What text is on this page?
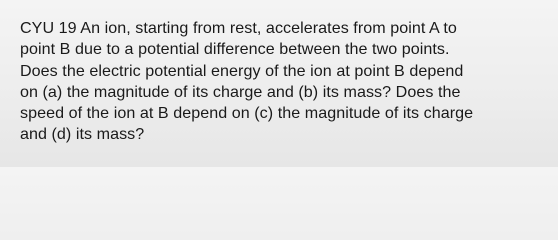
CYU 19 An ion, starting from rest, accelerates from point A to
point B due to a potential difference between the two points.
Does the electric potential energy of the ion at point B depend
on (a) the magnitude of its charge and (b) its mass? Does the
speed of the ion at B depend on (c) the magnitude of its charge
and (d) its mass?
